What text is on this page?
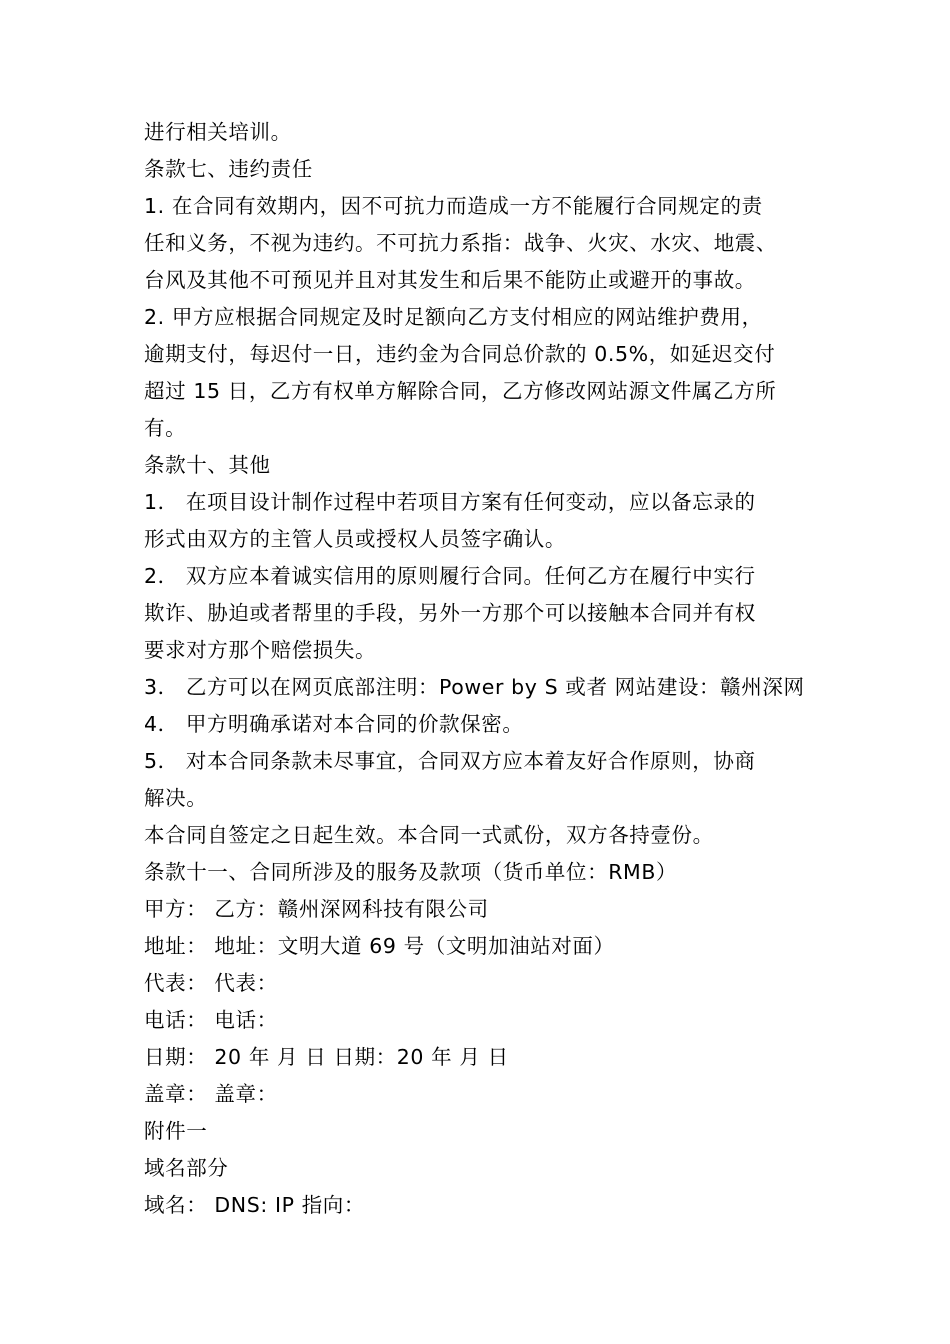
进行相关培训。
条款七、违约责任
1. 在合同有效期内，因不可抗力而造成一方不能履行合同规定的责
任和义务，不视为违约。不可抗力系指：战争、火灾、水灾、地震、
台风及其他不可预见并且对其发生和后果不能防止或避开的事故。
2. 甲方应根据合同规定及时足额向乙方支付相应的网站维护费用，
逾期支付，每迟付一日，违约金为合同总价款的 0.5%，如延迟交付
超过 15 日，乙方有权单方解除合同，乙方修改网站源文件属乙方所
有。
条款十、其他
1． 在项目设计制作过程中若项目方案有任何变动，应以备忘录的
形式由双方的主管人员或授权人员签字确认。
2． 双方应本着诚实信用的原则履行合同。任何乙方在履行中实行
欺诈、胁迫或者帮里的手段，另外一方那个可以接触本合同并有权
要求对方那个赔偿损失。
3． 乙方可以在网页底部注明：Power by S 或者 网站建设：赣州深网
4． 甲方明确承诺对本合同的价款保密。
5． 对本合同条款未尽事宜，合同双方应本着友好合作原则，协商
解决。
本合同自签定之日起生效。本合同一式贰份，双方各持壹份。
条款十一、合同所涉及的服务及款项（货币单位：RMB）
甲方： 乙方：赣州深网科技有限公司
地址： 地址：文明大道 69 号（文明加油站对面）
代表： 代表：
电话： 电话：
日期： 20 年 月 日 日期：20 年 月 日
盖章： 盖章：
附件一
域名部分
域名： DNS: IP 指向：
